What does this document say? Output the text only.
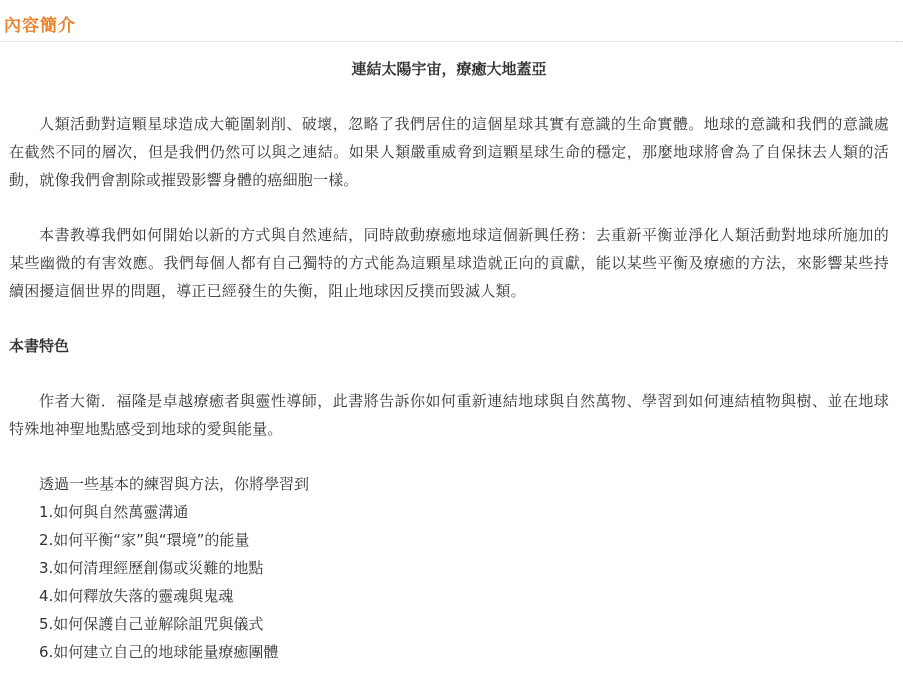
內容簡介

連結太陽宇宙，療癒大地蓋亞

人類活動對這顆星球造成大範圍剝削、破壞，忽略了我們居住的這個星球其實有意識的生命實體。地球的意識和我們的意識處在截然不同的層次，但是我們仍然可以與之連結。如果人類嚴重威脅到這顆星球生命的穩定，那麼地球將會為了自保抹去人類的活動，就像我們會割除或摧毀影響身體的癌細胞一樣。

本書教導我們如何開始以新的方式與自然連結，同時啟動療癒地球這個新興任務：去重新平衡並淨化人類活動對地球所施加的某些幽微的有害效應。我們每個人都有自己獨特的方式能為這顆星球造就正向的貢獻，能以某些平衡及療癒的方法，來影響某些持續困擾這個世界的問題，導正已經發生的失衡，阻止地球因反撲而毀滅人類。

本書特色

作者大衛．福隆是卓越療癒者與靈性導師，此書將告訴你如何重新連結地球與自然萬物、學習到如何連結植物與樹、並在地球特殊地神聖地點感受到地球的愛與能量。

透過一些基本的練習與方法，你將學習到

1.如何與自然萬靈溝通
2.如何平衡“家”與“環境”的能量
3.如何清理經歷創傷或災難的地點
4.如何釋放失落的靈魂與鬼魂
5.如何保護自己並解除詛咒與儀式
6.如何建立自己的地球能量療癒團體
